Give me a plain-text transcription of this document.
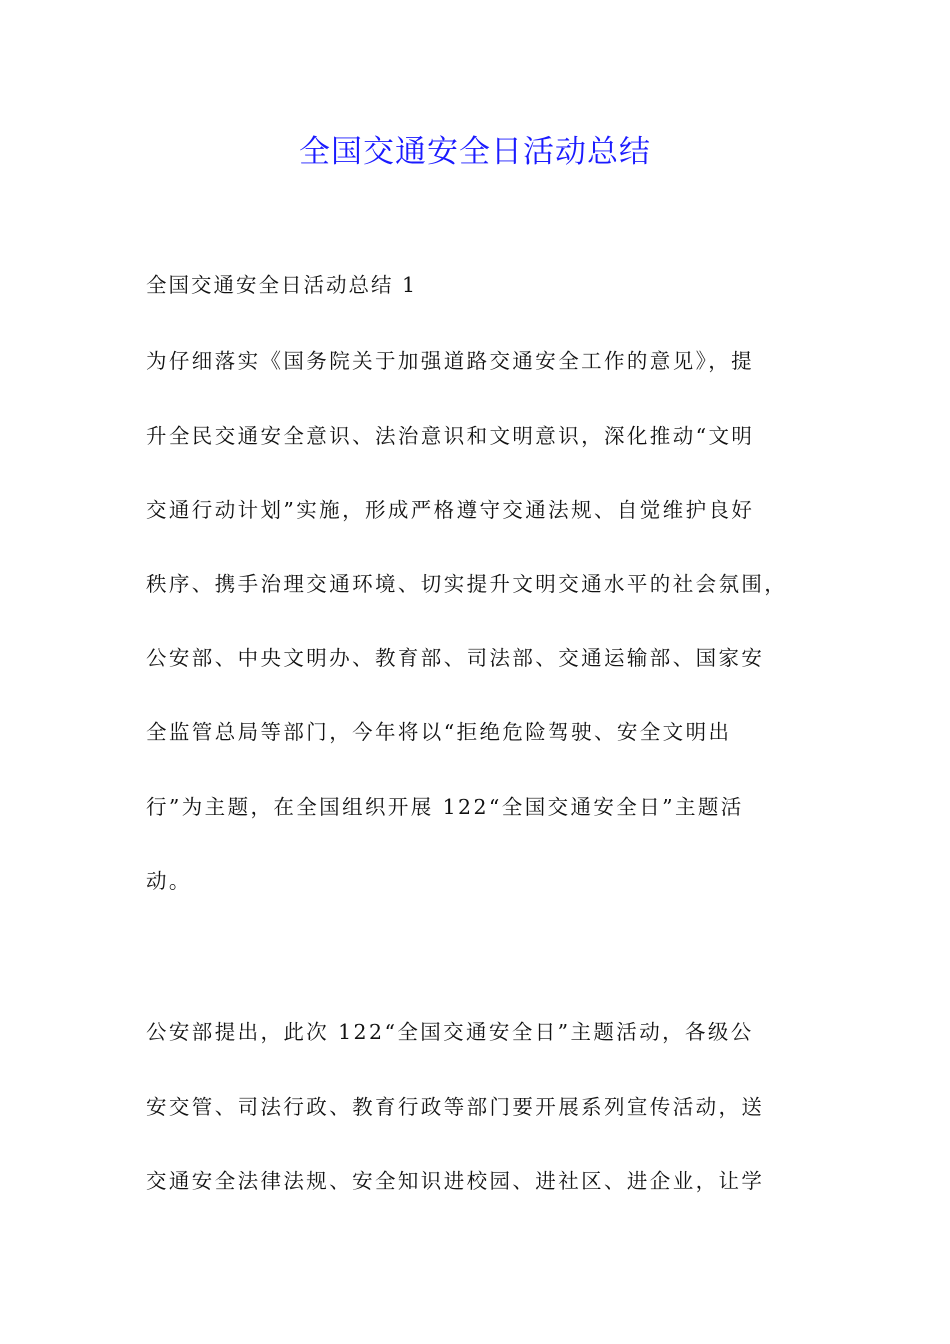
全国交通安全日活动总结
全国交通安全日活动总结 1
为仔细落实《国务院关于加强道路交通安全工作的意见》，提
升全民交通安全意识、法治意识和文明意识，深化推动“文明
交通行动计划”实施，形成严格遵守交通法规、自觉维护良好
秩序、携手治理交通环境、切实提升文明交通水平的社会氛围，
公安部、中央文明办、教育部、司法部、交通运输部、国家安
全监管总局等部门，今年将以“拒绝危险驾驶、安全文明出
行”为主题，在全国组织开展 122“全国交通安全日”主题活
动。
公安部提出，此次 122“全国交通安全日”主题活动，各级公
安交管、司法行政、教育行政等部门要开展系列宣传活动，送
交通安全法律法规、安全知识进校园、进社区、进企业，让学
